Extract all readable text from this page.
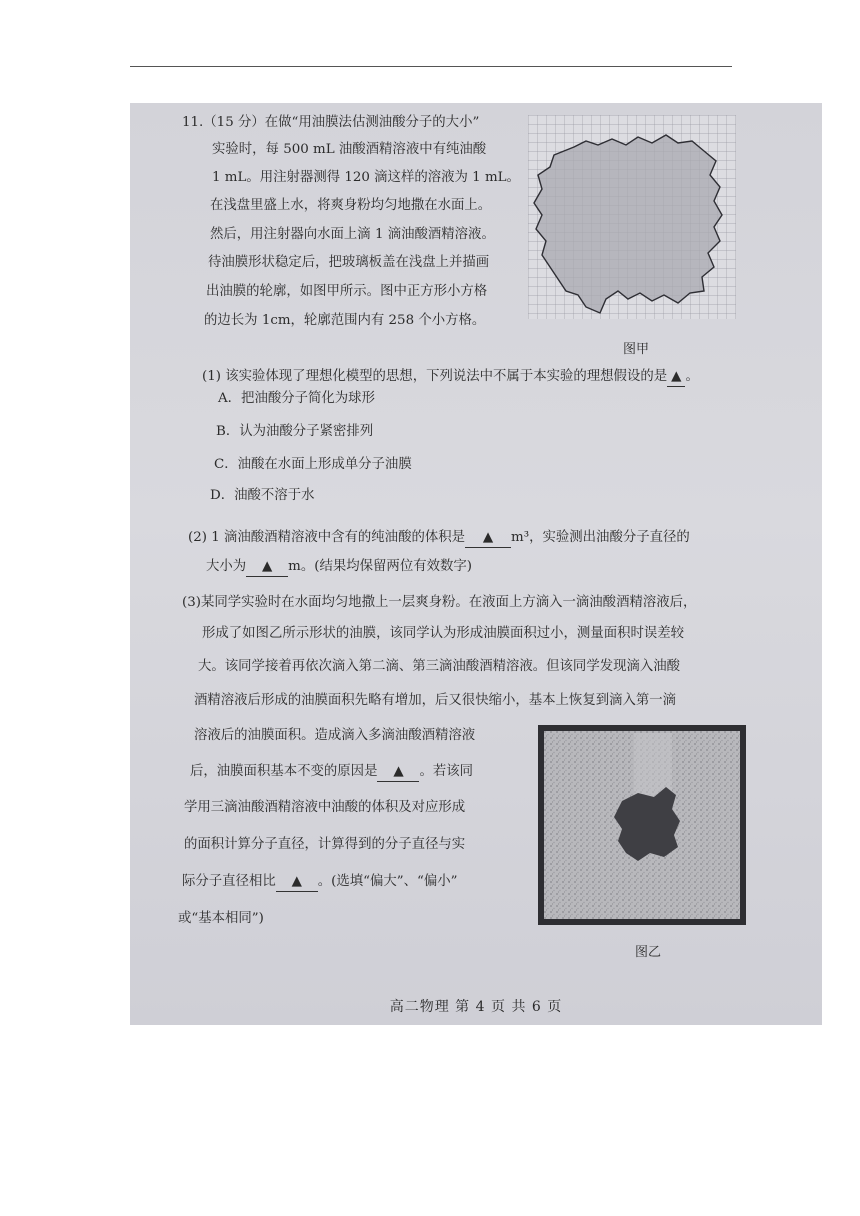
11.（15 分）在做“用油膜法估测油酸分子的大小”
实验时，每 500 mL 油酸酒精溶液中有纯油酸
1 mL。用注射器测得 120 滴这样的溶液为 1 mL。
在浅盘里盛上水，将爽身粉均匀地撒在水面上。
然后，用注射器向水面上滴 1 滴油酸酒精溶液。
待油膜形状稳定后，把玻璃板盖在浅盘上并描画
出油膜的轮廓，如图甲所示。图中正方形小方格
的边长为 1cm，轮廓范围内有 258 个小方格。
图甲
(1) 该实验体现了理想化模型的思想，下列说法中不属于本实验的理想假设的是 ▲ 。
A．把油酸分子简化为球形
B．认为油酸分子紧密排列
C．油酸在水面上形成单分子油膜
D．油酸不溶于水
(2) 1 滴油酸酒精溶液中含有的纯油酸的体积是 ▲ m³，实验测出油酸分子直径的
大小为 ▲ m。(结果均保留两位有效数字)
(3)某同学实验时在水面均匀地撒上一层爽身粉。在液面上方滴入一滴油酸酒精溶液后，
形成了如图乙所示形状的油膜，该同学认为形成油膜面积过小，测量面积时误差较
大。该同学接着再依次滴入第二滴、第三滴油酸酒精溶液。但该同学发现滴入油酸
酒精溶液后形成的油膜面积先略有增加，后又很快缩小，基本上恢复到滴入第一滴
溶液后的油膜面积。造成滴入多滴油酸酒精溶液
后，油膜面积基本不变的原因是 ▲ 。若该同
学用三滴油酸酒精溶液中油酸的体积及对应形成
的面积计算分子直径，计算得到的分子直径与实
际分子直径相比 ▲ 。(选填“偏大”、“偏小”
或“基本相同”)
图乙
高二物理 第 4 页 共 6 页
